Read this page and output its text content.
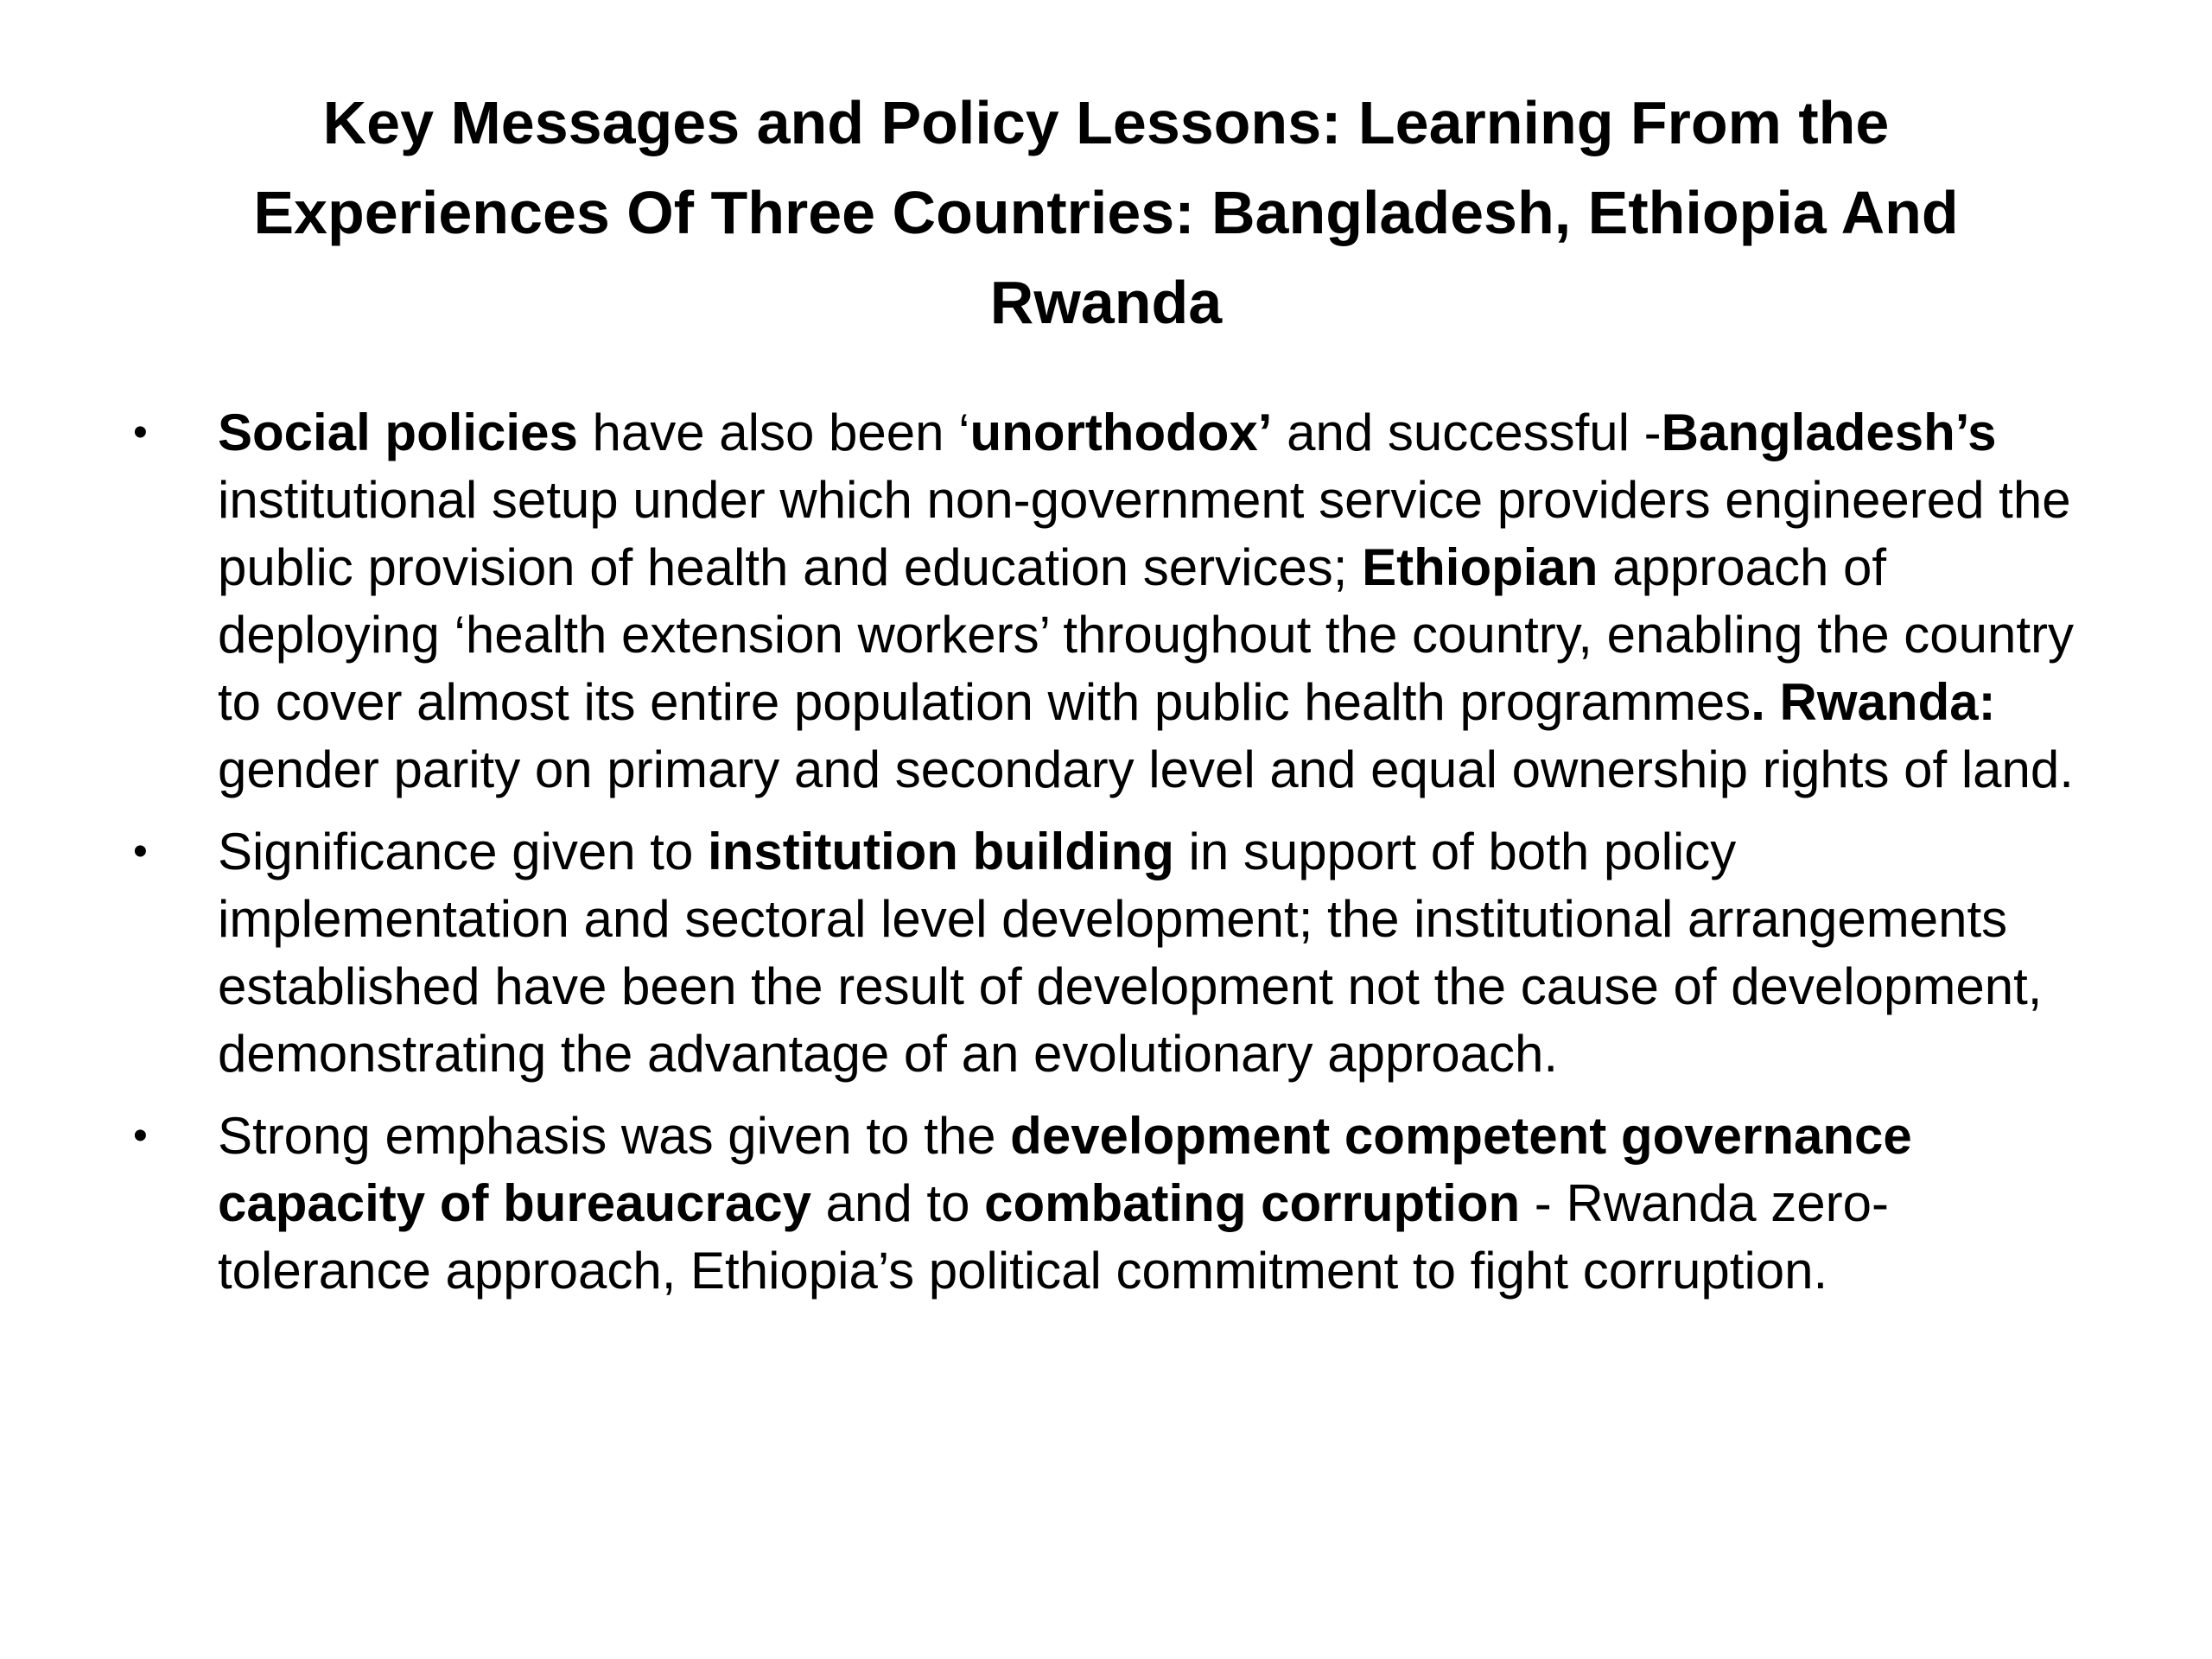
Key Messages and Policy Lessons: Learning From the Experiences Of Three Countries: Bangladesh, Ethiopia And Rwanda
• Social policies have also been ‘unorthodox’ and successful -Bangladesh’s institutional setup under which non-government service providers engineered the public provision of health and education services; Ethiopian approach of deploying ‘health extension workers’ throughout the country, enabling the country to cover almost its entire population with public health programmes. Rwanda: gender parity on primary and secondary level and equal ownership rights of land.
• Significance given to institution building in support of both policy implementation and sectoral level development; the institutional arrangements established have been the result of development not the cause of development, demonstrating the advantage of an evolutionary approach.
• Strong emphasis was given to the development competent governance capacity of bureaucracy and to combating corruption - Rwanda zero-tolerance approach, Ethiopia’s political commitment to fight corruption.
